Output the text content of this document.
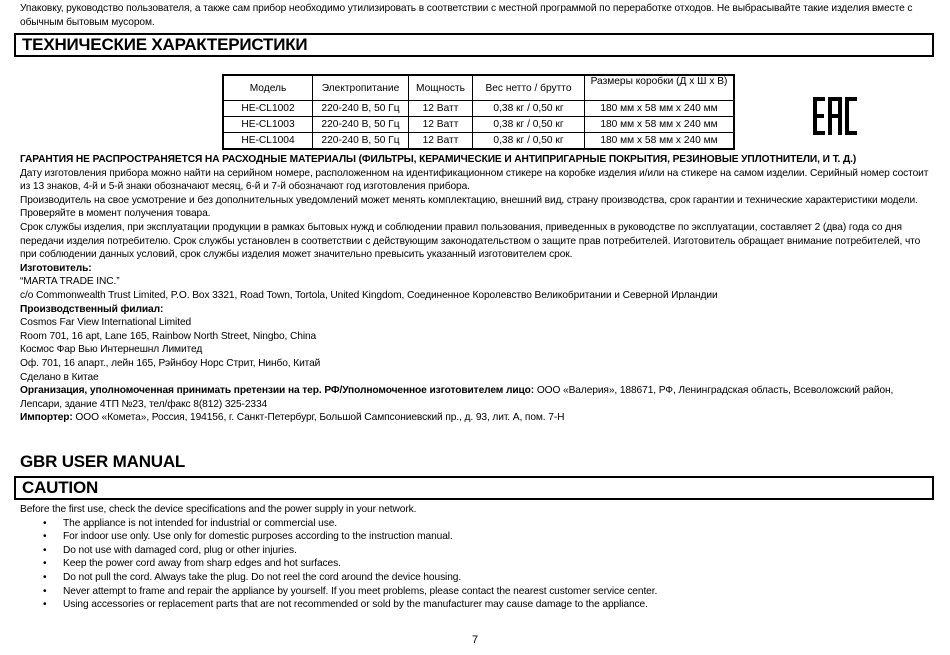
Упаковку, руководство пользователя, а также сам прибор необходимо утилизировать в соответствии с местной программой по переработке отходов. Не выбрасывайте такие изделия вместе с обычным бытовым мусором.
ТЕХНИЧЕСКИЕ ХАРАКТЕРИСТИКИ
Модель	Электропитание	Мощность	Вес нетто / брутто	Размеры коробки (Д х Ш х В)
HE-CL1002	220-240 В, 50 Гц	12 Ватт	0,38 кг / 0,50 кг	180 мм х 58 мм х 240 мм
HE-CL1003	220-240 В, 50 Гц	12 Ватт	0,38 кг / 0,50 кг	180 мм х 58 мм х 240 мм
HE-CL1004	220-240 В, 50 Гц	12 Ватт	0,38 кг / 0,50 кг	180 мм х 58 мм х 240 мм

ГАРАНТИЯ НЕ РАСПРОСТРАНЯЕТСЯ НА РАСХОДНЫЕ МАТЕРИАЛЫ (ФИЛЬТРЫ, КЕРАМИЧЕСКИЕ И АНТИПРИГАРНЫЕ ПОКРЫТИЯ, РЕЗИНОВЫЕ УПЛОТНИТЕЛИ, И Т. Д.)

Дату изготовления прибора можно найти на серийном номере, расположенном на идентификационном стикере на коробке изделия и/или на стикере на самом изделии. Серийный номер состоит из 13 знаков, 4-й и 5-й знаки обозначают месяц, 6-й и 7-й обозначают год изготовления прибора.

Производитель на свое усмотрение и без дополнительных уведомлений может менять комплектацию, внешний вид, страну производства, срок гарантии и технические характеристики модели. Проверяйте в момент получения товара.

Срок службы изделия, при эксплуатации продукции в рамках бытовых нужд и соблюдении правил пользования, приведенных в руководстве по эксплуатации, составляет 2 (два) года со дня передачи изделия потребителю. Срок службы установлен в соответствии с действующим законодательством о защите прав потребителей. Изготовитель обращает внимание потребителей, что при соблюдении данных условий, срок службы изделия может значительно превысить указанный изготовителем срок.

Изготовитель:

“MARTA TRADE INC.”

c/o Commonwealth Trust Limited, P.O. Box 3321, Road Town, Tortola, United Kingdom, Соединенное Королевство Великобритании и Северной Ирландии

Производственный филиал:

Cosmos Far View International Limited

Room 701, 16 apt, Lane 165, Rainbow North Street, Ningbo, China

Космос Фар Вью Интернешнл Лимитед

Оф. 701, 16 апарт., лейн 165, Рэйнбоу Норс Стрит, Нинбо, Китай

Сделано в Китае

Организация, уполномоченная принимать претензии на тер. РФ/Уполномоченное изготовителем лицо: ООО «Валерия», 188671, РФ, Ленинградская область, Всеволожский район, Лепсари, здание 4ТП №23, тел/факс 8(812) 325-2334

Импортер: ООО «Комета», Россия, 194156, г. Санкт-Петербург, Большой Сампсониевский пр., д. 93, лит. А, пом. 7-Н

GBR USER MANUAL
CAUTION

Before the first use, check the device specifications and the power supply in your network.

• The appliance is not intended for industrial or commercial use.
• For indoor use only. Use only for domestic purposes according to the instruction manual.
• Do not use with damaged cord, plug or other injuries.
• Keep the power cord away from sharp edges and hot surfaces.
• Do not pull the cord. Always take the plug. Do not reel the cord around the device housing.
• Never attempt to frame and repair the appliance by yourself. If you meet problems, please contact the nearest customer service center.
• Using accessories or replacement parts that are not recommended or sold by the manufacturer may cause damage to the appliance.
7
